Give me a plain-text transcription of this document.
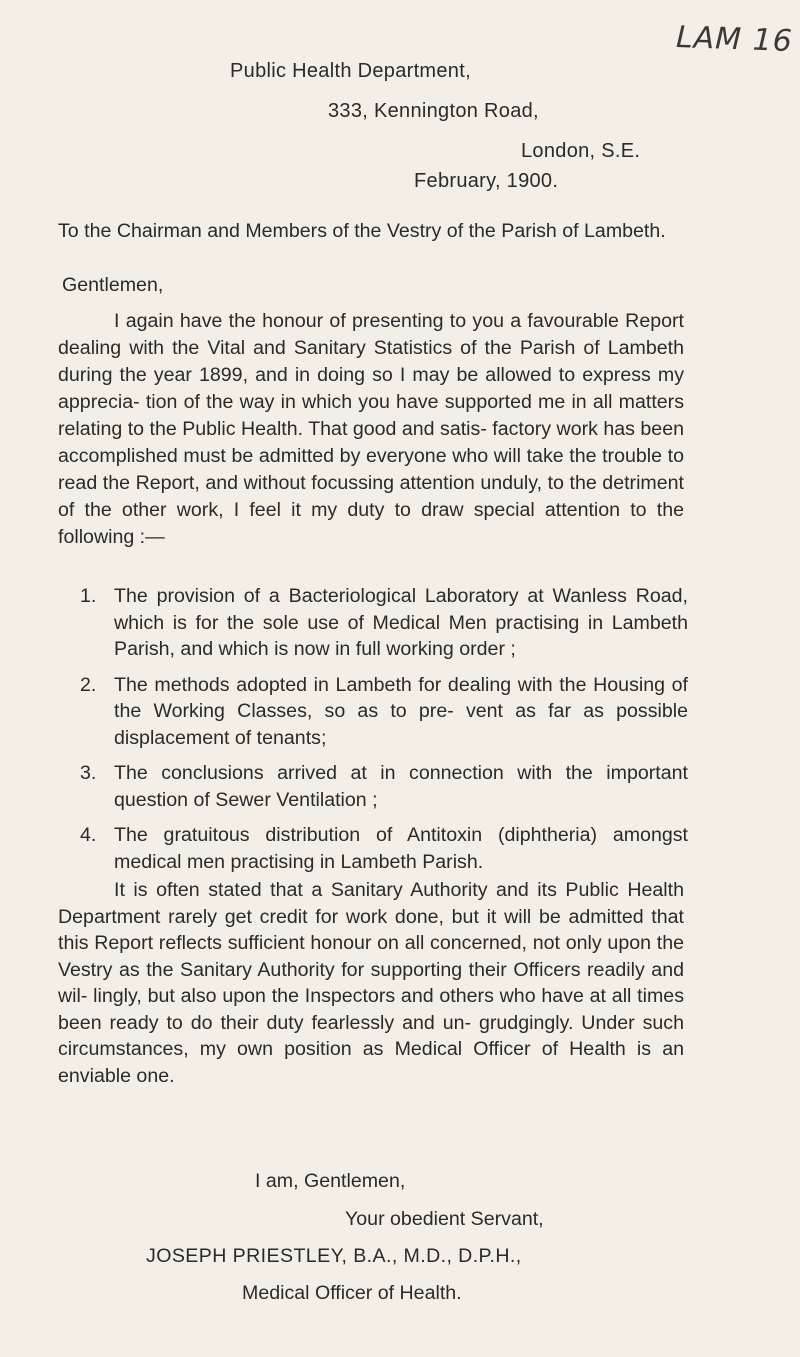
LAM 16
Public Health Department,
333, Kennington Road,
London, S.E.
February, 1900.
To the Chairman and Members of the Vestry of the Parish of Lambeth.
Gentlemen,
I again have the honour of presenting to you a favourable Report dealing with the Vital and Sanitary Statistics of the Parish of Lambeth during the year 1899, and in doing so I may be allowed to express my apprecia- tion of the way in which you have supported me in all matters relating to the Public Health. That good and satis- factory work has been accomplished must be admitted by everyone who will take the trouble to read the Report, and without focussing attention unduly, to the detriment of the other work, I feel it my duty to draw special attention to the following :—
1. The provision of a Bacteriological Laboratory at Wanless Road, which is for the sole use of Medical Men practising in Lambeth Parish, and which is now in full working order ;
2. The methods adopted in Lambeth for dealing with the Housing of the Working Classes, so as to pre- vent as far as possible displacement of tenants;
3. The conclusions arrived at in connection with the important question of Sewer Ventilation ;
4. The gratuitous distribution of Antitoxin (diphtheria) amongst medical men practising in Lambeth Parish.
It is often stated that a Sanitary Authority and its Public Health Department rarely get credit for work done, but it will be admitted that this Report reflects sufficient honour on all concerned, not only upon the Vestry as the Sanitary Authority for supporting their Officers readily and wil- lingly, but also upon the Inspectors and others who have at all times been ready to do their duty fearlessly and un- grudgingly. Under such circumstances, my own position as Medical Officer of Health is an enviable one.
I am, Gentlemen,
Your obedient Servant,
JOSEPH PRIESTLEY, B.A., M.D., D.P.H.,
Medical Officer of Health.
